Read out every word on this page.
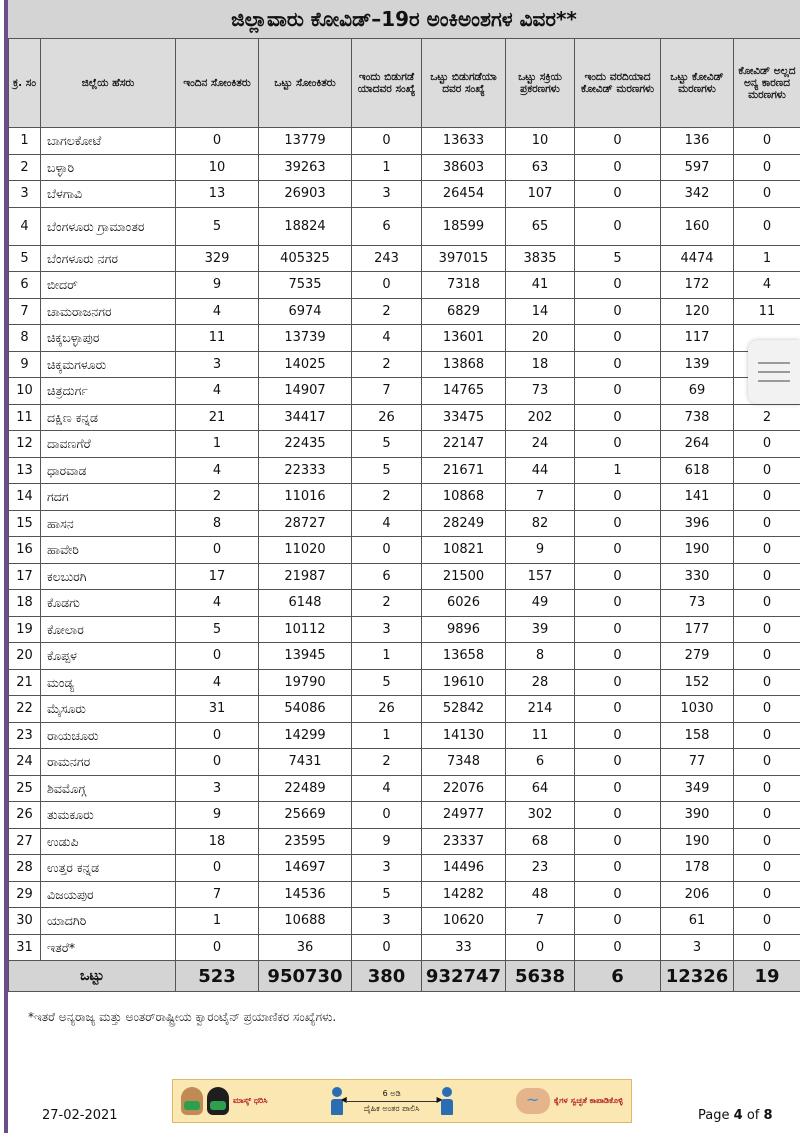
ಜಿಲ್ಲಾವಾರು ಕೋವಿಡ್‌–19ರ ಅಂಕಿಅಂಶಗಳ ವಿವರ**
ಕ್ರ. ಸಂ	ಜಿಲ್ಲೆಯ ಹೆಸರು	ಇಂದಿನ ಸೋಂಕಿತರು	ಒಟ್ಟು ಸೋಂಕಿತರು	ಇಂದು ಬಿಡುಗಡೆ ಯಾದವರ ಸಂಖ್ಯೆ	ಒಟ್ಟು ಬಿಡುಗಡೆಯಾ ದವರ ಸಂಖ್ಯೆ	ಒಟ್ಟು ಸಕ್ರಿಯ ಪ್ರಕರಣಗಳು	ಇಂದು ವರದಿಯಾದ ಕೋವಿಡ್ ಮರಣಗಳು	ಒಟ್ಟು ಕೋವಿಡ್ ಮರಣಗಳು	ಕೋವಿಡ್ ಅಲ್ಲದ ಅನ್ಯ ಕಾರಣದ ಮರಣಗಳು
1	ಬಾಗಲಕೋಟೆ	0	13779	0	13633	10	0	136	0
2	ಬಳ್ಳಾರಿ	10	39263	1	38603	63	0	597	0
3	ಬೆಳಗಾವಿ	13	26903	3	26454	107	0	342	0
4	ಬೆಂಗಳೂರು ಗ್ರಾಮಾಂತರ	5	18824	6	18599	65	0	160	0
5	ಬೆಂಗಳೂರು ನಗರ	329	405325	243	397015	3835	5	4474	1
6	ಬೀದರ್	9	7535	0	7318	41	0	172	4
7	ಚಾಮರಾಜನಗರ	4	6974	2	6829	14	0	120	11
8	ಚಿಕ್ಕಬಳ್ಳಾಪುರ	11	13739	4	13601	20	0	117	
9	ಚಿಕ್ಕಮಗಳೂರು	3	14025	2	13868	18	0	139	
10	ಚಿತ್ರದುರ್ಗ	4	14907	7	14765	73	0	69	
11	ದಕ್ಷಿಣ ಕನ್ನಡ	21	34417	26	33475	202	0	738	2
12	ದಾವಣಗೆರೆ	1	22435	5	22147	24	0	264	0
13	ಧಾರವಾಡ	4	22333	5	21671	44	1	618	0
14	ಗದಗ	2	11016	2	10868	7	0	141	0
15	ಹಾಸನ	8	28727	4	28249	82	0	396	0
16	ಹಾವೇರಿ	0	11020	0	10821	9	0	190	0
17	ಕಲಬುರಗಿ	17	21987	6	21500	157	0	330	0
18	ಕೊಡಗು	4	6148	2	6026	49	0	73	0
19	ಕೋಲಾರ	5	10112	3	9896	39	0	177	0
20	ಕೊಪ್ಪಳ	0	13945	1	13658	8	0	279	0
21	ಮಂಡ್ಯ	4	19790	5	19610	28	0	152	0
22	ಮೈಸೂರು	31	54086	26	52842	214	0	1030	0
23	ರಾಯಚೂರು	0	14299	1	14130	11	0	158	0
24	ರಾಮನಗರ	0	7431	2	7348	6	0	77	0
25	ಶಿವಮೊಗ್ಗ	3	22489	4	22076	64	0	349	0
26	ತುಮಕೂರು	9	25669	0	24977	302	0	390	0
27	ಉಡುಪಿ	18	23595	9	23337	68	0	190	0
28	ಉತ್ತರ ಕನ್ನಡ	0	14697	3	14496	23	0	178	0
29	ವಿಜಯಪುರ	7	14536	5	14282	48	0	206	0
30	ಯಾದಗಿರಿ	1	10688	3	10620	7	0	61	0
31	ಇತರೆ*	0	36	0	33	0	0	3	0
ಒಟ್ಟು		523	950730	380	932747	5638	6	12326	19
*ಇತರೆ ಅನ್ಯರಾಜ್ಯ ಮತ್ತು ಅಂತರ್‌ರಾಷ್ಟ್ರೀಯ ಕ್ವಾರಂಟೈನ್ ಪ್ರಯಾಣಿಕರ ಸಂಖ್ಯೆಗಳು.
ಮಾಸ್ಕ್ ಧರಿಸಿ
6 ಅಡಿ
◀ ▶
ದೈಹಿಕ ಅಂತರ ಪಾಲಿಸಿ
~
ಕೈಗಳ ಸ್ವಚ್ಛತೆ ಕಾಪಾಡಿಕೊಳ್ಳಿ
27-02-2021	Page 4 of 8
